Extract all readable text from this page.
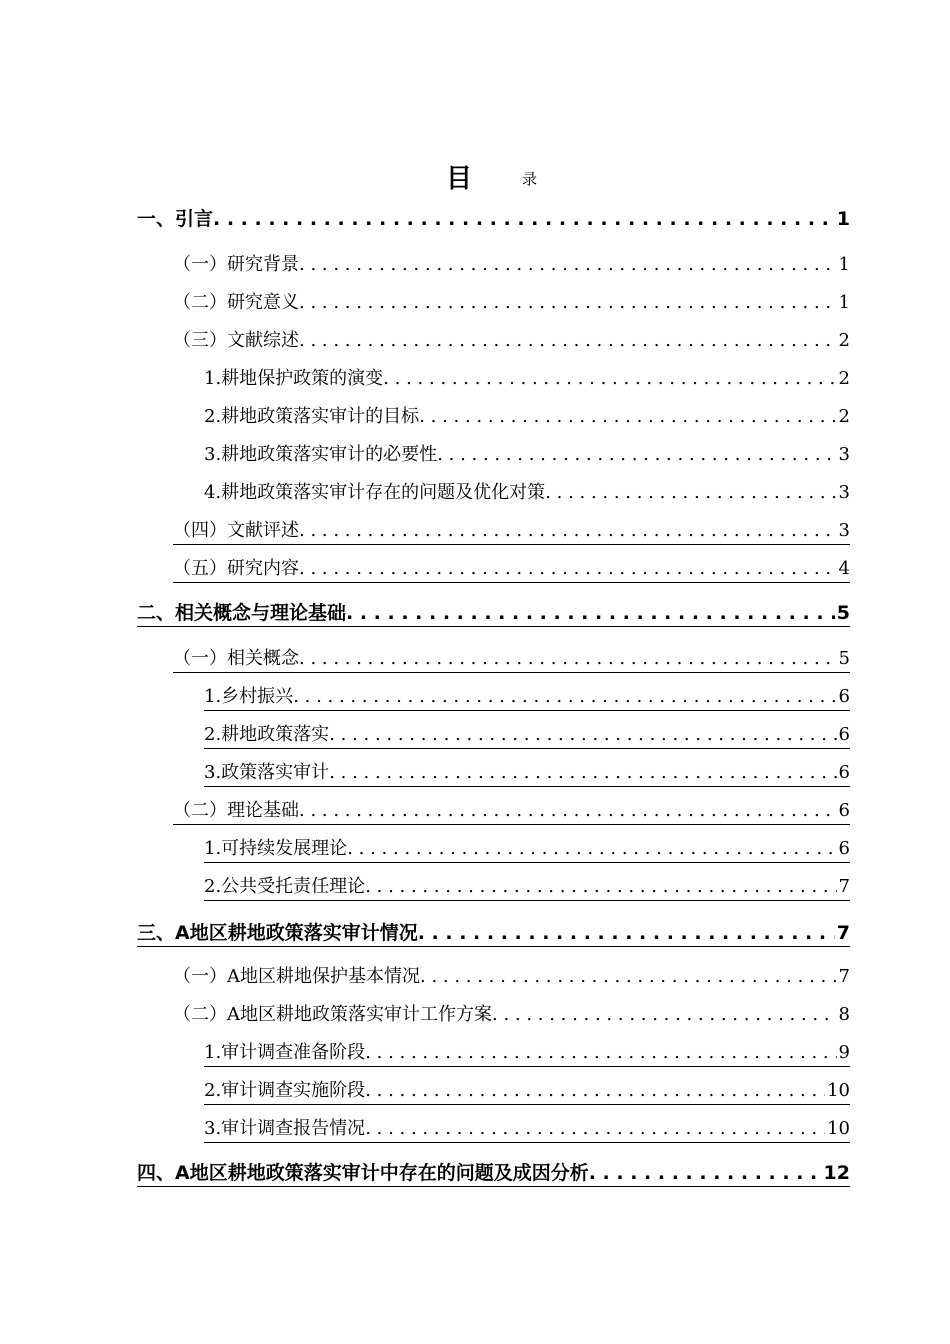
目	录
一、引言 . . .	1
（一）研究背景 . . .	1
（二）研究意义 . . .	1
（三）文献综述 . . .	2
1.耕地保护政策的演变 . . .	2
2.耕地政策落实审计的目标 . . .	2
3.耕地政策落实审计的必要性 . . .	3
4.耕地政策落实审计存在的问题及优化对策 . . .	3
（四）文献评述 . . .	3
（五）研究内容 . . .	4
二、相关概念与理论基础 . . .	5
（一）相关概念 . . .	5
1.乡村振兴 . . .	6
2.耕地政策落实 . . .	6
3.政策落实审计 . . .	6
（二）理论基础 . . .	6
1.可持续发展理论 . . .	6
2.公共受托责任理论 . . .	7
三、A地区耕地政策落实审计情况 . . .	7
（一）A地区耕地保护基本情况 . . .	7
（二）A地区耕地政策落实审计工作方案 . . .	8
1.审计调查准备阶段 . . .	9
2.审计调查实施阶段 . . .	10
3.审计调查报告情况 . . .	10
四、A地区耕地政策落实审计中存在的问题及成因分析 . . .	12
